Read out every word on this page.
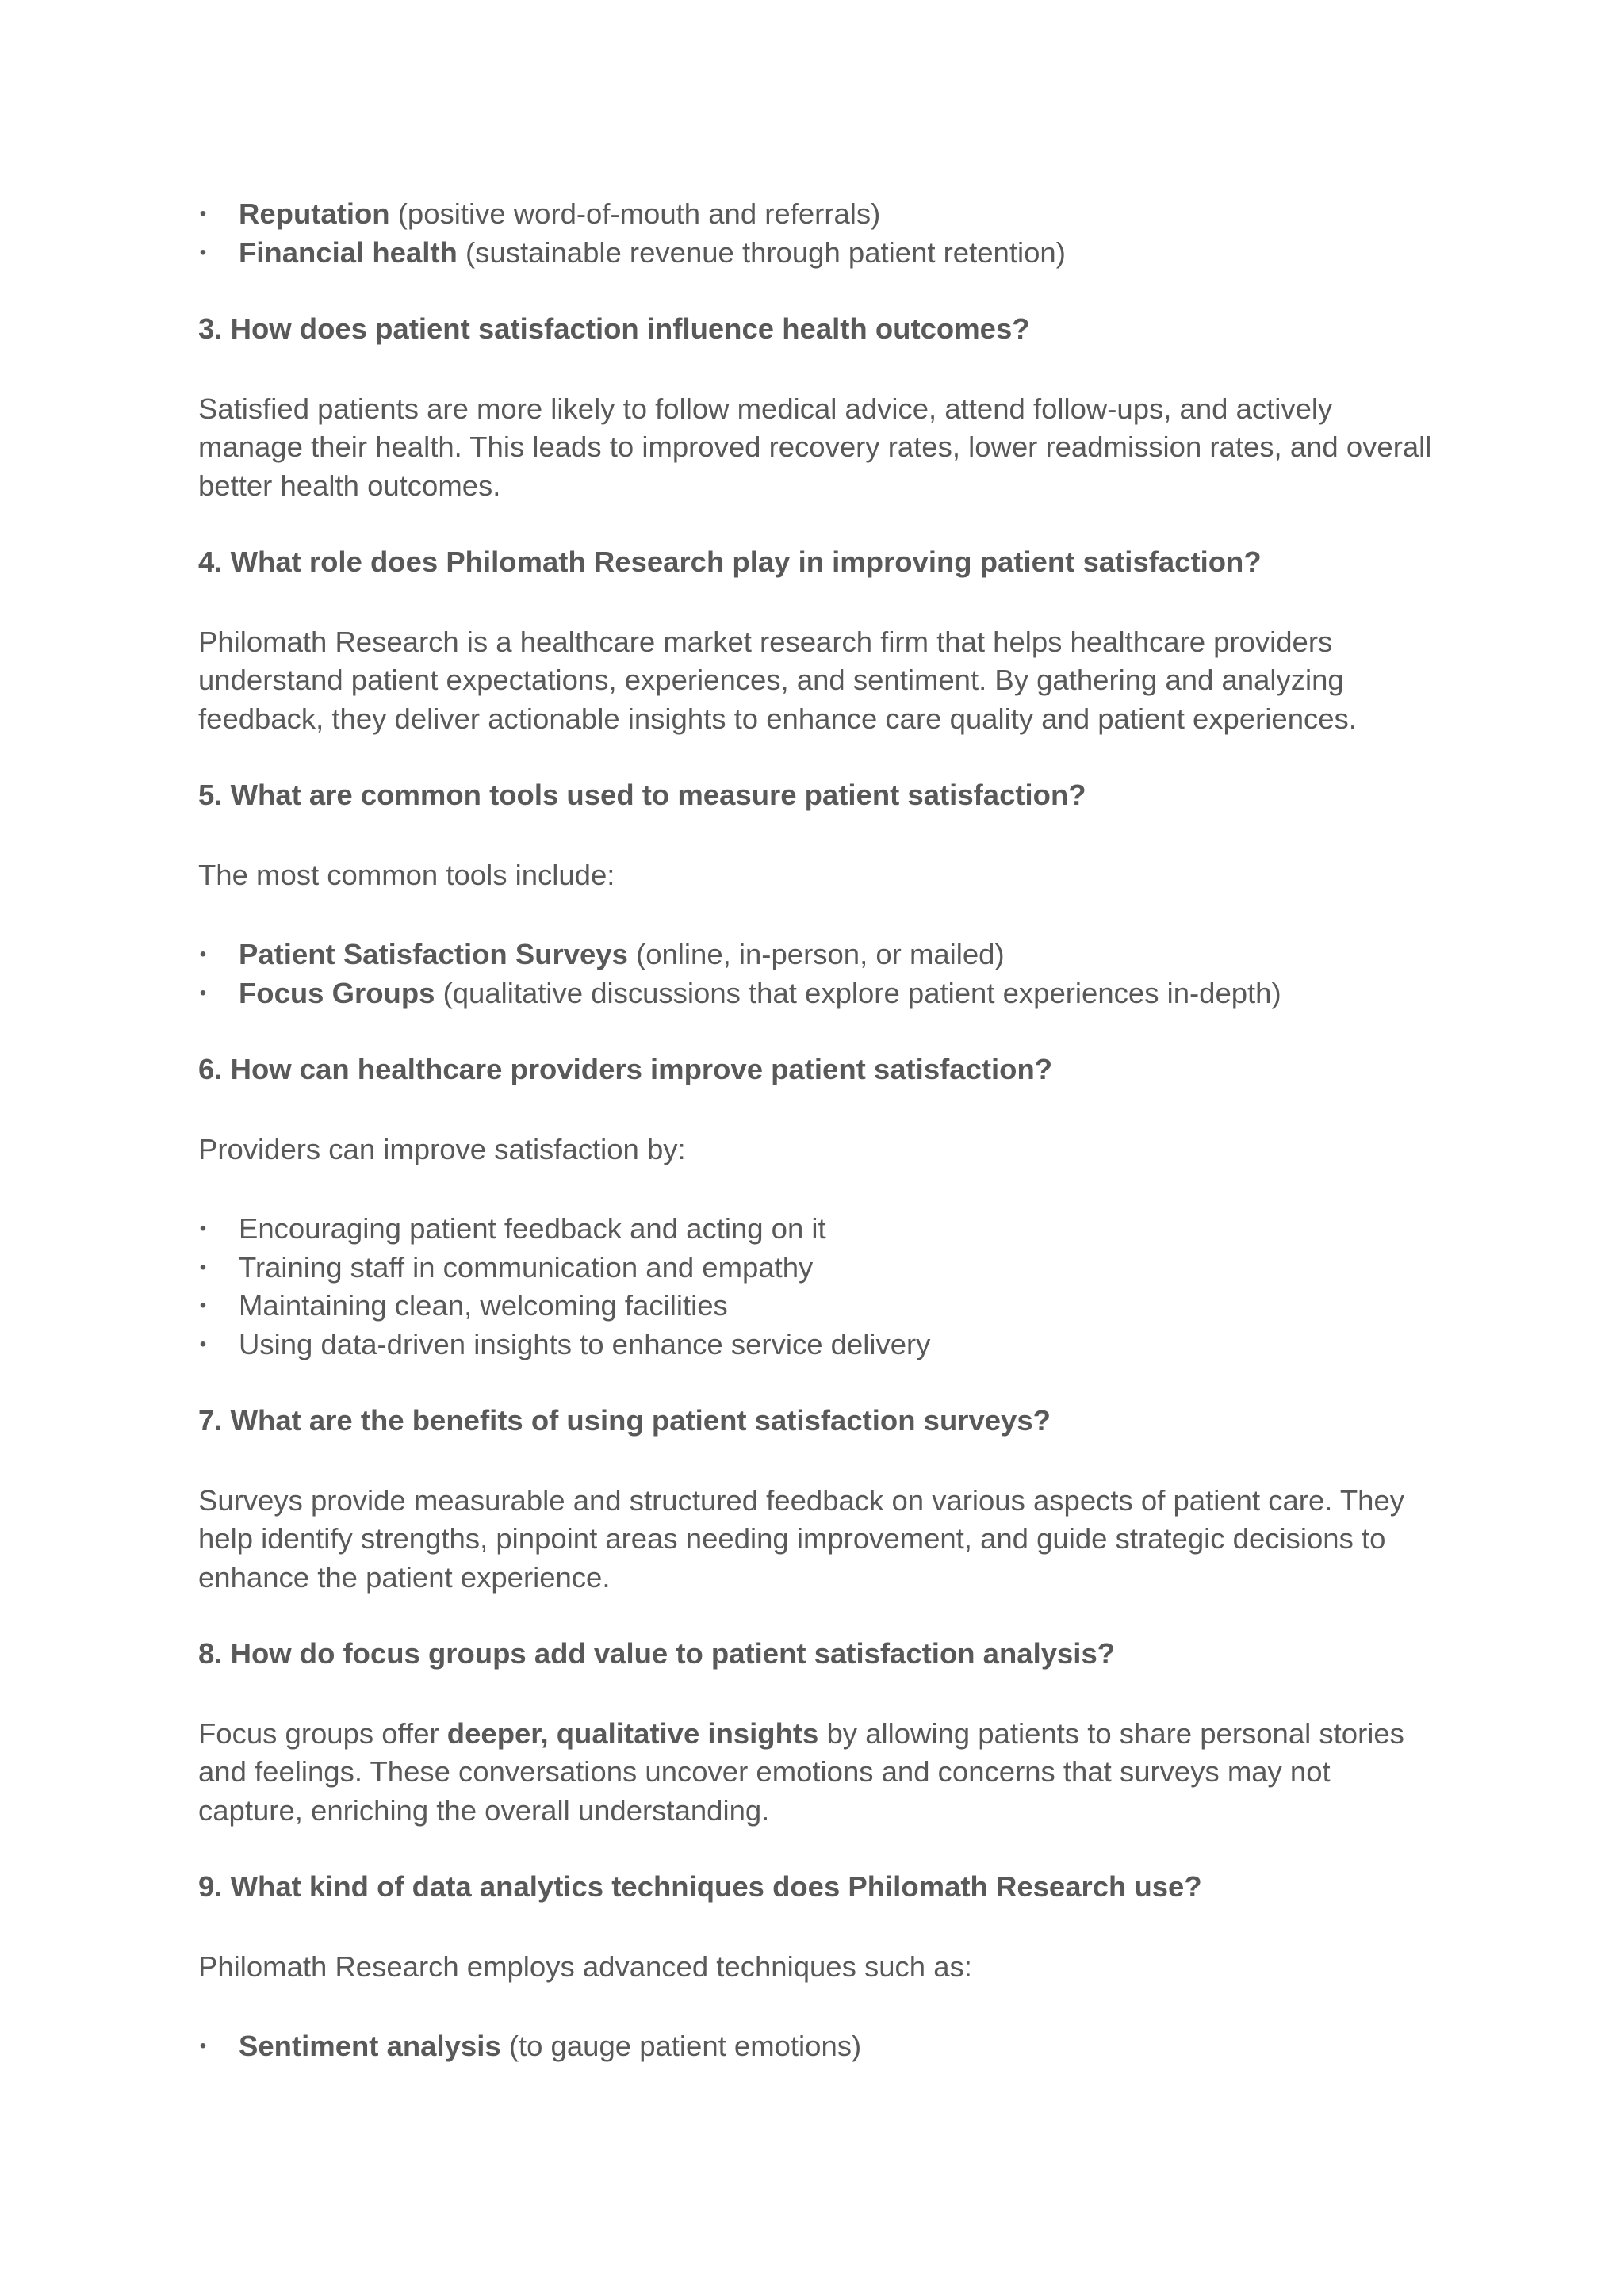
• Reputation (positive word-of-mouth and referrals)
• Financial health (sustainable revenue through patient retention)

3. How does patient satisfaction influence health outcomes?

Satisfied patients are more likely to follow medical advice, attend follow-ups, and actively manage their health. This leads to improved recovery rates, lower readmission rates, and overall better health outcomes.

4. What role does Philomath Research play in improving patient satisfaction?

Philomath Research is a healthcare market research firm that helps healthcare providers understand patient expectations, experiences, and sentiment. By gathering and analyzing feedback, they deliver actionable insights to enhance care quality and patient experiences.

5. What are common tools used to measure patient satisfaction?

The most common tools include:

• Patient Satisfaction Surveys (online, in-person, or mailed)
• Focus Groups (qualitative discussions that explore patient experiences in-depth)

6. How can healthcare providers improve patient satisfaction?

Providers can improve satisfaction by:

• Encouraging patient feedback and acting on it
• Training staff in communication and empathy
• Maintaining clean, welcoming facilities
• Using data-driven insights to enhance service delivery

7. What are the benefits of using patient satisfaction surveys?

Surveys provide measurable and structured feedback on various aspects of patient care. They help identify strengths, pinpoint areas needing improvement, and guide strategic decisions to enhance the patient experience.

8. How do focus groups add value to patient satisfaction analysis?

Focus groups offer deeper, qualitative insights by allowing patients to share personal stories and feelings. These conversations uncover emotions and concerns that surveys may not capture, enriching the overall understanding.

9. What kind of data analytics techniques does Philomath Research use?

Philomath Research employs advanced techniques such as:

• Sentiment analysis (to gauge patient emotions)
